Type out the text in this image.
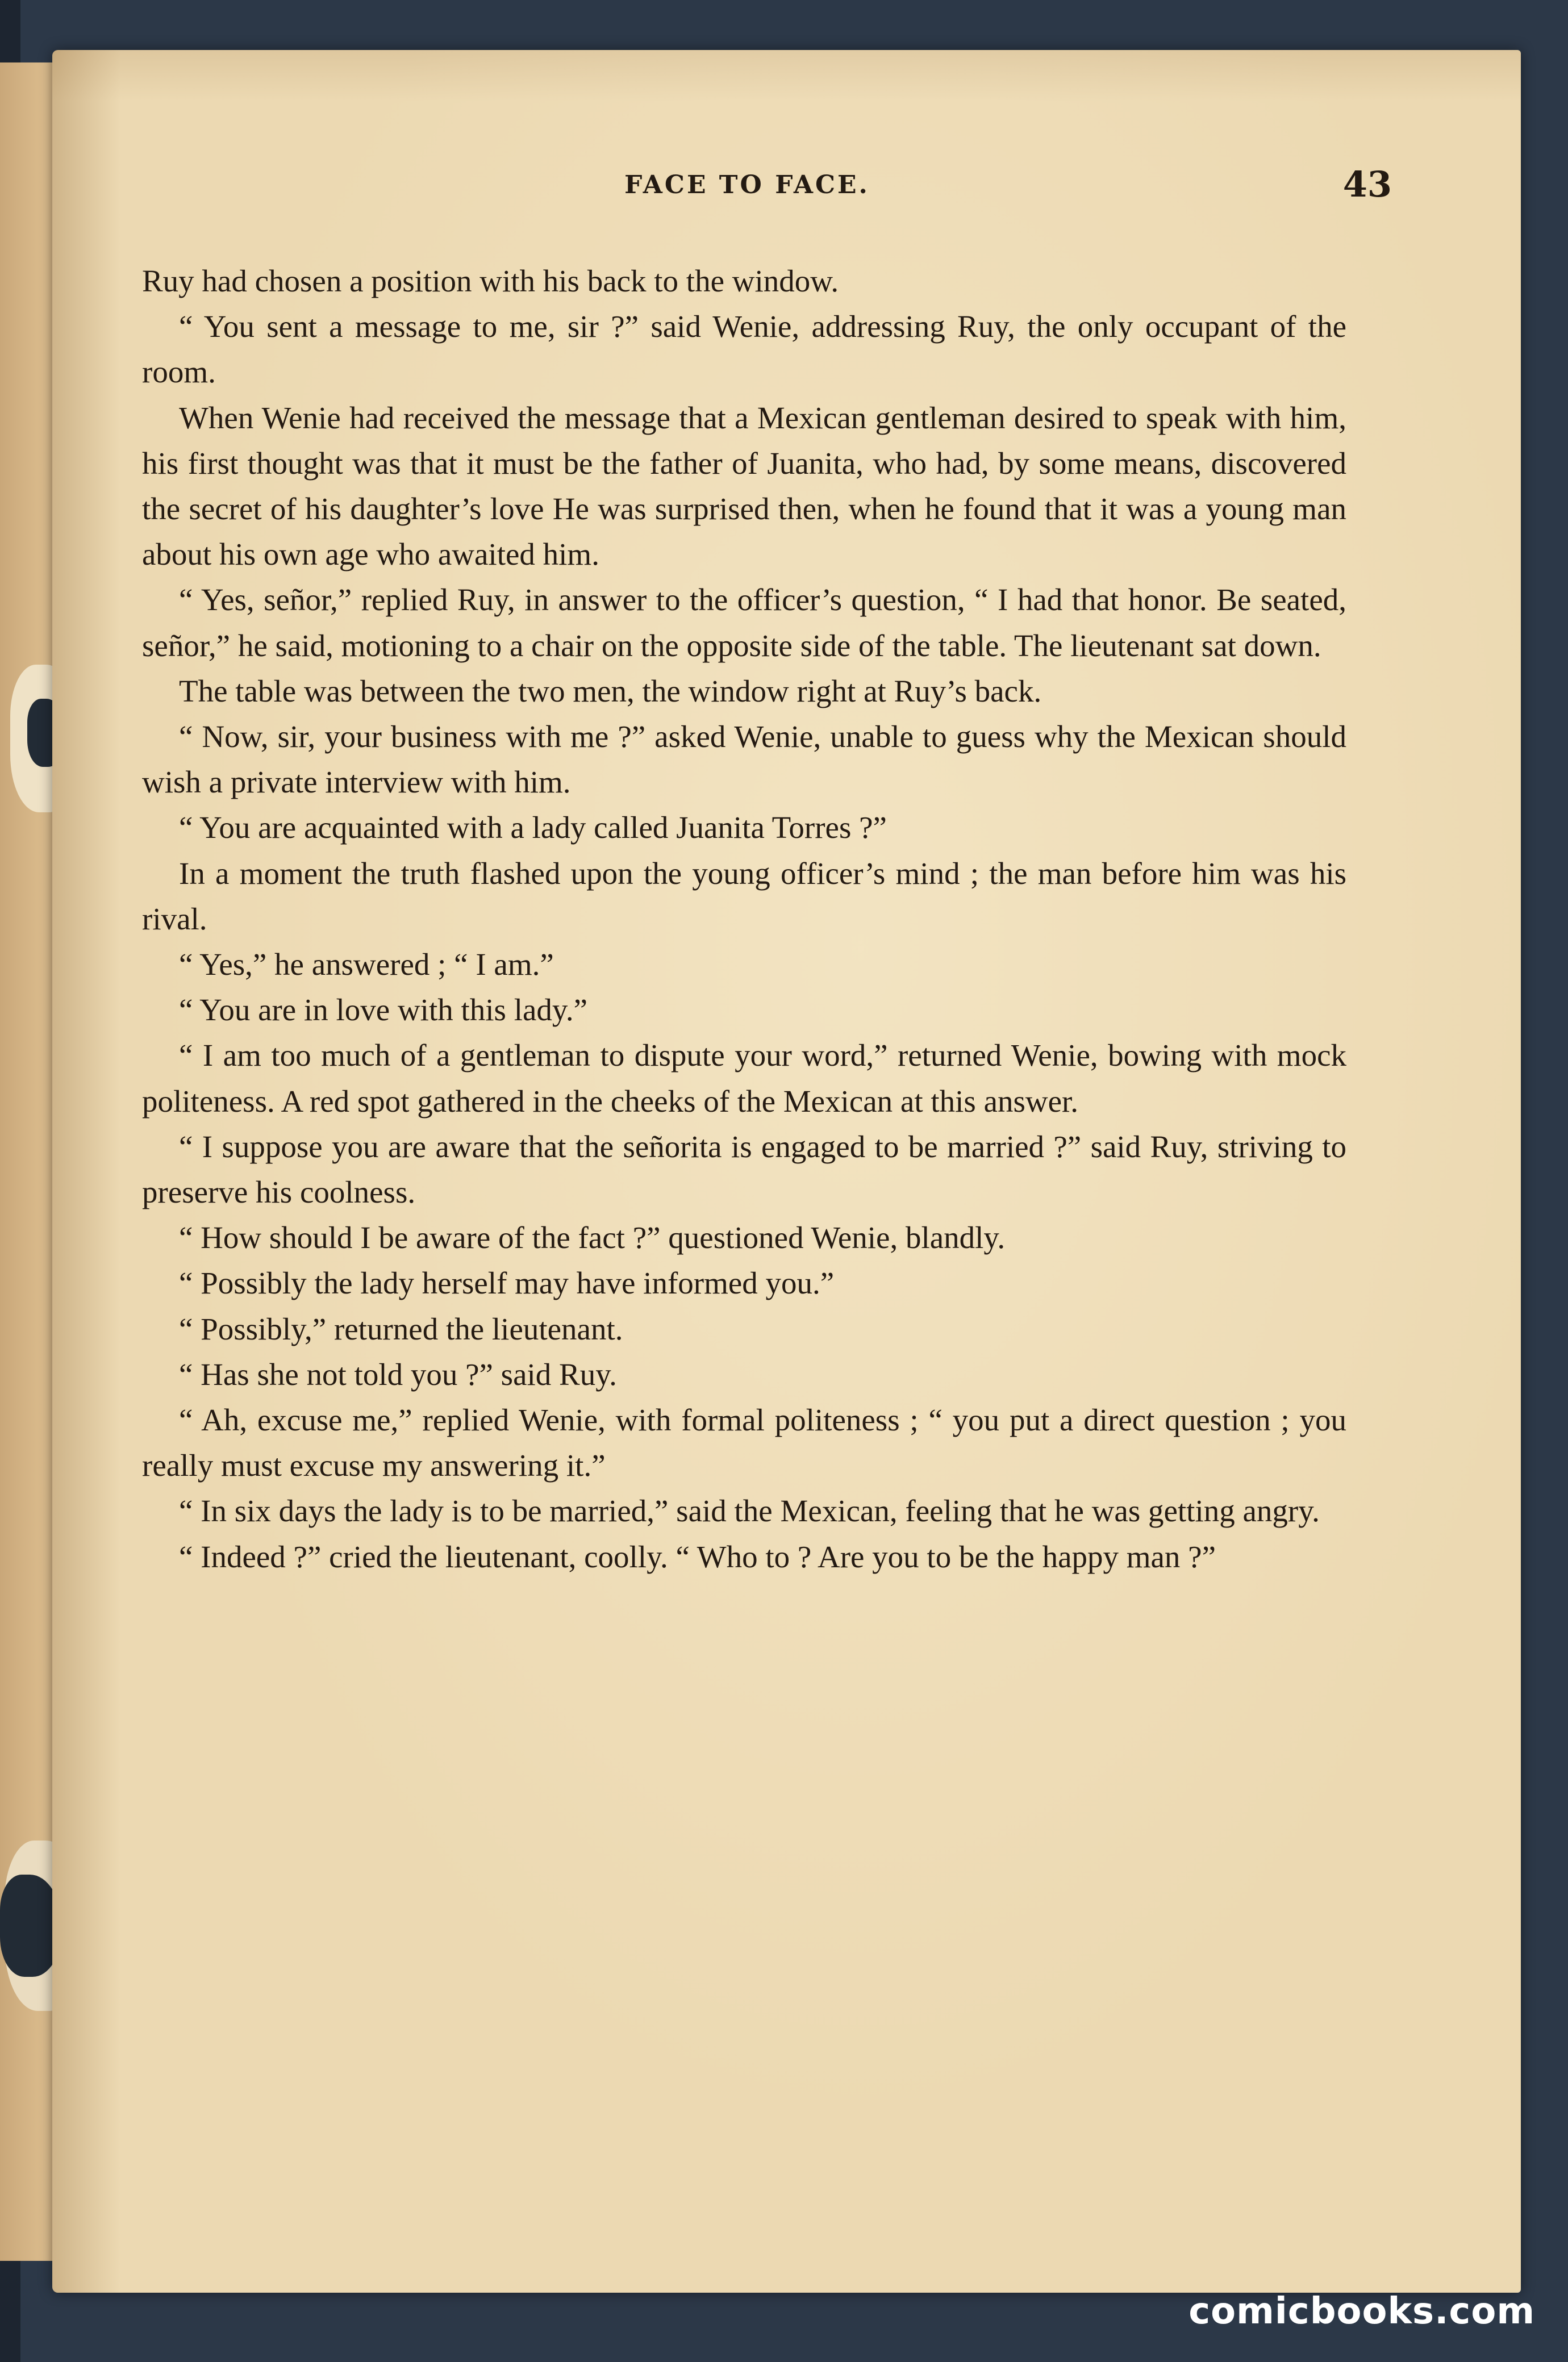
FACE TO FACE.	43

Ruy had chosen a position with his back to the window.

“ You sent a message to me, sir ?” said Wenie, addressing Ruy, the only occupant of the room.

When Wenie had received the message that a Mexican gentleman desired to speak with him, his first thought was that it must be the father of Juanita, who had, by some means, discovered the secret of his daughter’s love He was surprised then, when he found that it was a young man about his own age who awaited him.

“ Yes, señor,” replied Ruy, in answer to the officer’s question, “ I had that honor. Be seated, señor,” he said, motioning to a chair on the opposite side of the table. The lieutenant sat down.

The table was between the two men, the window right at Ruy’s back.

“ Now, sir, your business with me ?” asked Wenie, unable to guess why the Mexican should wish a private interview with him.

“ You are acquainted with a lady called Juanita Torres ?”

In a moment the truth flashed upon the young officer’s mind ; the man before him was his rival.

“ Yes,” he answered ; “ I am.”

“ You are in love with this lady.”

“ I am too much of a gentleman to dispute your word,” returned Wenie, bowing with mock politeness. A red spot gathered in the cheeks of the Mexican at this answer.

“ I suppose you are aware that the señorita is engaged to be married ?” said Ruy, striving to preserve his coolness.

“ How should I be aware of the fact ?” questioned Wenie, blandly.

“ Possibly the lady herself may have informed you.”

“ Possibly,” returned the lieutenant.

“ Has she not told you ?” said Ruy.

“ Ah, excuse me,” replied Wenie, with formal politeness ; “ you put a direct question ; you really must excuse my answering it.”

“ In six days the lady is to be married,” said the Mexican, feeling that he was getting angry.

“ Indeed ?” cried the lieutenant, coolly. “ Who to ? Are you to be the happy man ?”

comicbooks.com
